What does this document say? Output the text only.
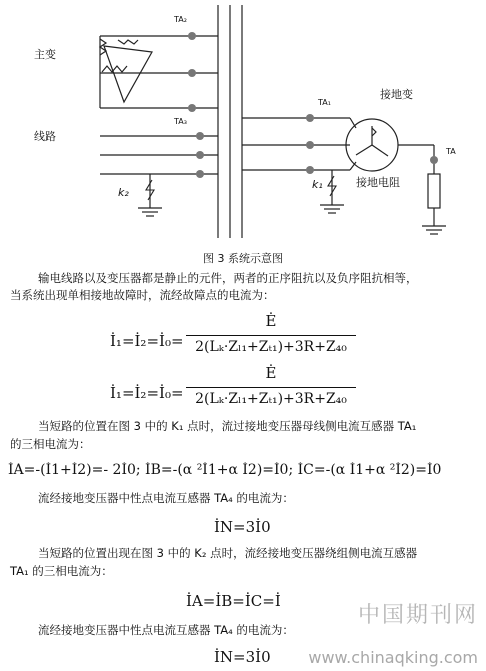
主变
线路
TA₂
TA₃
TA₁
TA
接地变
k₂
k₁	接地电阻
图 3 系统示意图
输电线路以及变压器都是静止的元件，两者的正序阻抗以及负序阻抗相等，
当系统出现单相接地故障时，流经故障点的电流为：
İ₁=İ₂=İ₀=
Ė
2(Lₖ·Zₗ₁+Zₜ₁)+3R+Z₄₀
İ₁=İ₂=İ₀=
Ė
2(Lₖ·Zₗ₁+Zₜ₁)+3R+Z₄₀
当短路的位置在图 3 中的 K₁ 点时，流过接地变压器母线侧电流互感器 TA₁
的三相电流为：
İA=-(İ1+İ2)=- 2İ0; İB=-(α ²İ1+α İ2)=İ0; İC=-(α İ1+α ²İ2)=İ0
流经接地变压器中性点电流互感器 TA₄ 的电流为：
İN=3İ0
当短路的位置出现在图 3 中的 K₂ 点时，流经接地变压器绕组侧电流互感器
TA₁ 的三相电流为：
İA=İB=İC=İ
流经接地变压器中性点电流互感器 TA₄ 的电流为：
İN=3İ0
中国期刊网
www.chinaqking.com
